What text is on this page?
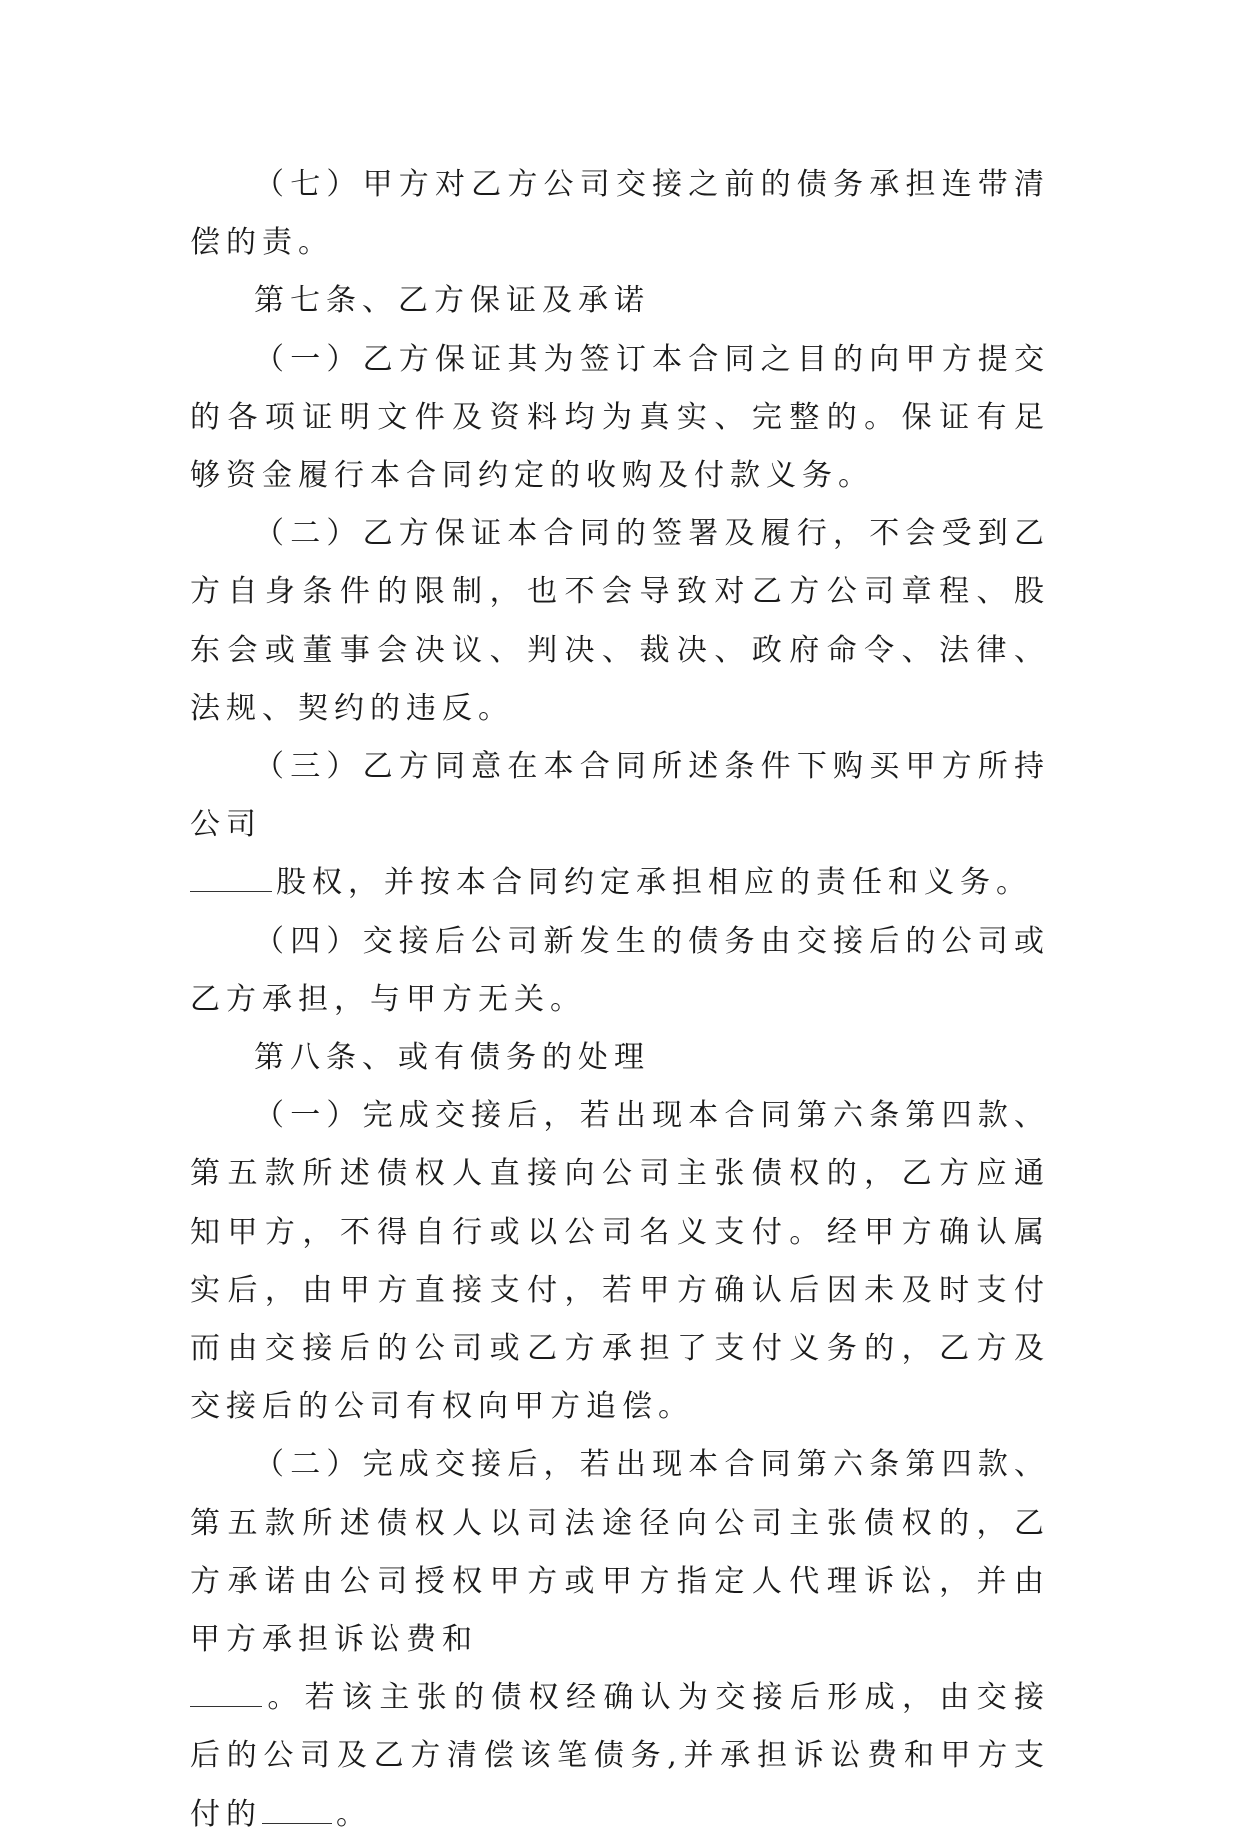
（七）甲方对乙方公司交接之前的债务承担连带清偿的责。

第七条、乙方保证及承诺

（一）乙方保证其为签订本合同之目的向甲方提交的各项证明文件及资料均为真实、完整的。保证有足够资金履行本合同约定的收购及付款义务。

（二）乙方保证本合同的签署及履行，不会受到乙方自身条件的限制，也不会导致对乙方公司章程、股东会或董事会决议、判决、裁决、政府命令、法律、法规、契约的违反。

（三）乙方同意在本合同所述条件下购买甲方所持公司
股权，并按本合同约定承担相应的责任和义务。

（四）交接后公司新发生的债务由交接后的公司或乙方承担，与甲方无关。

第八条、或有债务的处理

（一）完成交接后，若出现本合同第六条第四款、第五款所述债权人直接向公司主张债权的，乙方应通知甲方，不得自行或以公司名义支付。经甲方确认属实后，由甲方直接支付，若甲方确认后因未及时支付而由交接后的公司或乙方承担了支付义务的，乙方及交接后的公司有权向甲方追偿。

（二）完成交接后，若出现本合同第六条第四款、第五款所述债权人以司法途径向公司主张债权的，乙方承诺由公司授权甲方或甲方指定人代理诉讼，并由甲方承担诉讼费和
。若该主张的债权经确认为交接后形成，由交接后的公司及乙方清偿该笔债务,并承担诉讼费和甲方支付的 。
